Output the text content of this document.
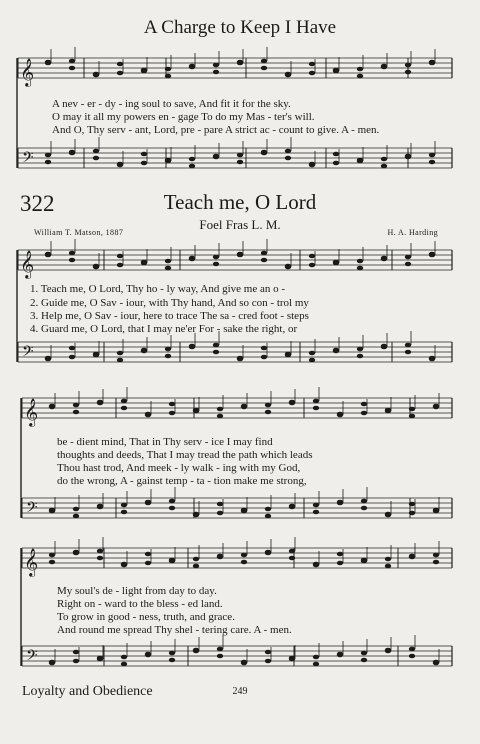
𝄞
𝄢
𝄞
𝄢
𝄞
𝄢
𝄞
𝄢
A Charge to Keep I Have
A nev - er - dy - ing soul to save, And fit it for the sky.
O may it all my powers en - gage To do my Mas - ter's will.
And O, Thy serv - ant, Lord, pre - pare A strict ac - count to give. A - men.
322	Teach me, O Lord
Foel Fras L. M.
William T. Matson, 1887	H. A. Harding
1. Teach me, O Lord, Thy ho - ly way, And give me an o -
2. Guide me, O Sav - iour, with Thy hand, And so con - trol my
3. Help me, O Sav - iour, here to trace The sa - cred foot - steps
4. Guard me, O Lord, that I may ne'er For - sake the right, or
be - dient mind, That in Thy serv - ice I may find
thoughts and deeds, That I may tread the path which leads
Thou hast trod, And meek - ly walk - ing with my God,
do the wrong, A - gainst temp - ta - tion make me strong,
My soul's de - light from day to day.
Right on - ward to the bless - ed land.
To grow in good - ness, truth, and grace.
And round me spread Thy shel - tering care. A - men.
Loyalty and Obedience	249
